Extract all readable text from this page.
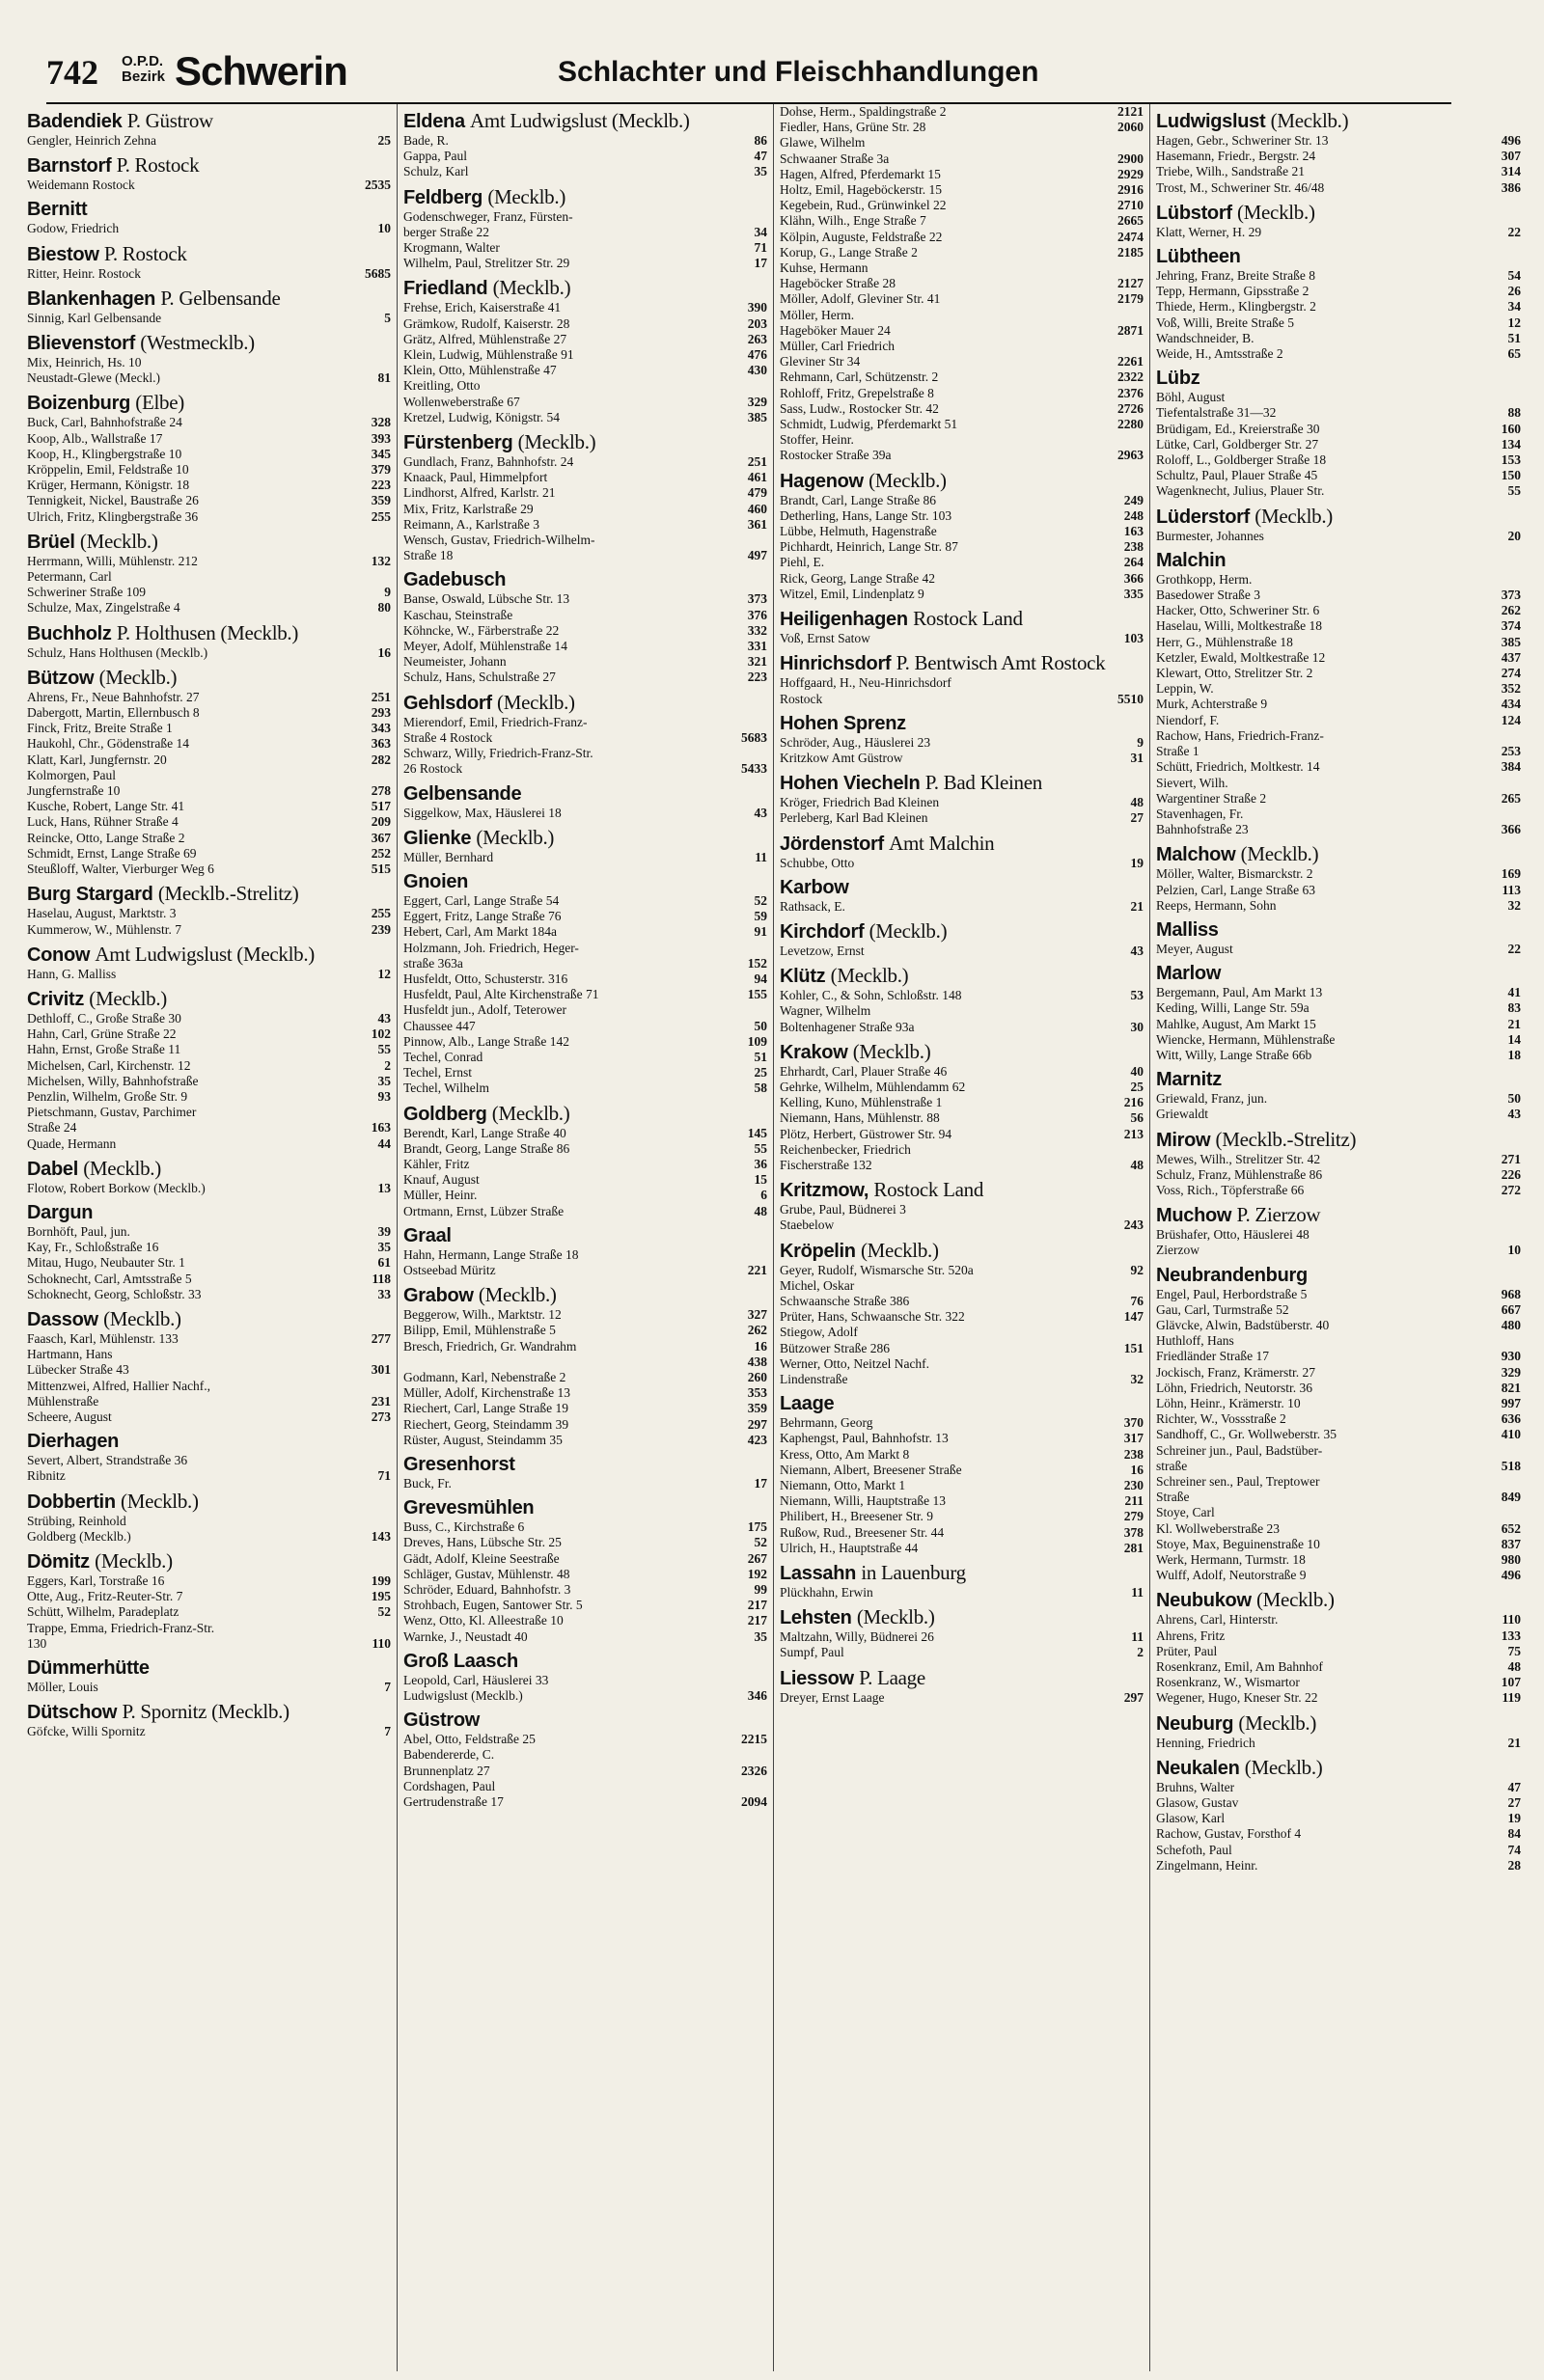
742 O.P.D.
Bezirk Schwerin	Schlachter und Fleischhandlungen
Badendiek P. Güstrow
Gengler, Heinrich Zehna	25
Barnstorf P. Rostock
Weidemann Rostock	2535
Bernitt
Godow, Friedrich	10
Biestow P. Rostock
Ritter, Heinr. Rostock	5685
Blankenhagen P. Gelbensande
Sinnig, Karl Gelbensande	5
Blievenstorf (Westmecklb.)
Mix, Heinrich, Hs. 10
Neustadt-Glewe (Meckl.)	81
Boizenburg (Elbe)
Buck, Carl, Bahnhofstraße 24	328
Koop, Alb., Wallstraße 17	393
Koop, H., Klingbergstraße 10	345
Kröppelin, Emil, Feldstraße 10	379
Krüger, Hermann, Königstr. 18	223
Tennigkeit, Nickel, Baustraße 26	359
Ulrich, Fritz, Klingbergstraße 36	255
Brüel (Mecklb.)
Herrmann, Willi, Mühlenstr. 212	132
Petermann, Carl
Schweriner Straße 109	9
Schulze, Max, Zingelstraße 4	80
Buchholz P. Holthusen (Mecklb.)
Schulz, Hans Holthusen (Mecklb.)	16
Bützow (Mecklb.)
Ahrens, Fr., Neue Bahnhofstr. 27	251
Dabergott, Martin, Ellernbusch 8	293
Finck, Fritz, Breite Straße 1	343
Haukohl, Chr., Gödenstraße 14	363
Klatt, Karl, Jungfernstr. 20	282
Kolmorgen, Paul
Jungfernstraße 10	278
Kusche, Robert, Lange Str. 41	517
Luck, Hans, Rühner Straße 4	209
Reincke, Otto, Lange Straße 2	367
Schmidt, Ernst, Lange Straße 69	252
Steußloff, Walter, Vierburger Weg 6	515
Burg Stargard (Mecklb.-Strelitz)
Haselau, August, Marktstr. 3	255
Kummerow, W., Mühlenstr. 7	239
Conow Amt Ludwigslust (Mecklb.)
Hann, G. Malliss	12
Crivitz (Mecklb.)
Dethloff, C., Große Straße 30	43
Hahn, Carl, Grüne Straße 22	102
Hahn, Ernst, Große Straße 11	55
Michelsen, Carl, Kirchenstr. 12	2
Michelsen, Willy, Bahnhofstraße	35
Penzlin, Wilhelm, Große Str. 9	93
Pietschmann, Gustav, Parchimer
Straße 24	163
Quade, Hermann	44
Dabel (Mecklb.)
Flotow, Robert Borkow (Mecklb.)	13
Dargun
Bornhöft, Paul, jun.	39
Kay, Fr., Schloßstraße 16	35
Mitau, Hugo, Neubauter Str. 1	61
Schoknecht, Carl, Amtsstraße 5	118
Schoknecht, Georg, Schloßstr. 33	33
Dassow (Mecklb.)
Faasch, Karl, Mühlenstr. 133	277
Hartmann, Hans
Lübecker Straße 43	301
Mittenzwei, Alfred, Hallier Nachf.,
Mühlenstraße	231
Scheere, August	273
Dierhagen
Severt, Albert, Strandstraße 36
Ribnitz	71
Dobbertin (Mecklb.)
Strübing, Reinhold
Goldberg (Mecklb.)	143
Dömitz (Mecklb.)
Eggers, Karl, Torstraße 16	199
Otte, Aug., Fritz-Reuter-Str. 7	195
Schütt, Wilhelm, Paradeplatz	52
Trappe, Emma, Friedrich-Franz-Str.
130	110
Dümmerhütte
Möller, Louis	7
Dütschow P. Spornitz (Mecklb.)
Göfcke, Willi Spornitz	7
Eldena Amt Ludwigslust (Mecklb.)
Bade, R.	86
Gappa, Paul	47
Schulz, Karl	35
Feldberg (Mecklb.)
Godenschweger, Franz, Fürsten-
berger Straße 22	34
Krogmann, Walter	71
Wilhelm, Paul, Strelitzer Str. 29	17
Friedland (Mecklb.)
Frehse, Erich, Kaiserstraße 41	390
Grämkow, Rudolf, Kaiserstr. 28	203
Grätz, Alfred, Mühlenstraße 27	263
Klein, Ludwig, Mühlenstraße 91	476
Klein, Otto, Mühlenstraße 47	430
Kreitling, Otto
Wollenweberstraße 67	329
Kretzel, Ludwig, Königstr. 54	385
Fürstenberg (Mecklb.)
Gundlach, Franz, Bahnhofstr. 24	251
Knaack, Paul, Himmelpfort	461
Lindhorst, Alfred, Karlstr. 21	479
Mix, Fritz, Karlstraße 29	460
Reimann, A., Karlstraße 3	361
Wensch, Gustav, Friedrich-Wilhelm-
Straße 18	497
Gadebusch
Banse, Oswald, Lübsche Str. 13	373
Kaschau, Steinstraße	376
Köhncke, W., Färberstraße 22	332
Meyer, Adolf, Mühlenstraße 14	331
Neumeister, Johann	321
Schulz, Hans, Schulstraße 27	223
Gehlsdorf (Mecklb.)
Mierendorf, Emil, Friedrich-Franz-
Straße 4 Rostock	5683
Schwarz, Willy, Friedrich-Franz-Str.
26 Rostock	5433
Gelbensande
Siggelkow, Max, Häuslerei 18	43
Glienke (Mecklb.)
Müller, Bernhard	11
Gnoien
Eggert, Carl, Lange Straße 54	52
Eggert, Fritz, Lange Straße 76	59
Hebert, Carl, Am Markt 184a	91
Holzmann, Joh. Friedrich, Heger-
straße 363a	152
Husfeldt, Otto, Schusterstr. 316	94
Husfeldt, Paul, Alte Kirchenstraße 71	155
Husfeldt jun., Adolf, Teterower
Chaussee 447	50
Pinnow, Alb., Lange Straße 142	109
Techel, Conrad	51
Techel, Ernst	25
Techel, Wilhelm	58
Goldberg (Mecklb.)
Berendt, Karl, Lange Straße 40	145
Brandt, Georg, Lange Straße 86	55
Kähler, Fritz	36
Knauf, August	15
Müller, Heinr.	6
Ortmann, Ernst, Lübzer Straße	48
Graal
Hahn, Hermann, Lange Straße 18
Ostseebad Müritz	221
Grabow (Mecklb.)
Beggerow, Wilh., Marktstr. 12	327
Bilipp, Emil, Mühlenstraße 5	262
Bresch, Friedrich, Gr. Wandrahm	16
438
Godmann, Karl, Nebenstraße 2	260
Müller, Adolf, Kirchenstraße 13	353
Riechert, Carl, Lange Straße 19	359
Riechert, Georg, Steindamm 39	297
Rüster, August, Steindamm 35	423
Gresenhorst
Buck, Fr.	17
Grevesmühlen
Buss, C., Kirchstraße 6	175
Dreves, Hans, Lübsche Str. 25	52
Gädt, Adolf, Kleine Seestraße	267
Schläger, Gustav, Mühlenstr. 48	192
Schröder, Eduard, Bahnhofstr. 3	99
Strohbach, Eugen, Santower Str. 5	217
Wenz, Otto, Kl. Alleestraße 10	217
Warnke, J., Neustadt 40	35
Groß Laasch
Leopold, Carl, Häuslerei 33
Ludwigslust (Mecklb.)	346
Güstrow
Abel, Otto, Feldstraße 25	2215
Babendererde, C.
Brunnenplatz 27	2326
Cordshagen, Paul
Gertrudenstraße 17	2094
Dohse, Herm., Spaldingstraße 2	2121
Fiedler, Hans, Grüne Str. 28	2060
Glawe, Wilhelm
Schwaaner Straße 3a	2900
Hagen, Alfred, Pferdemarkt 15	2929
Holtz, Emil, Hageböckerstr. 15	2916
Kegebein, Rud., Grünwinkel 22	2710
Klähn, Wilh., Enge Straße 7	2665
Kölpin, Auguste, Feldstraße 22	2474
Korup, G., Lange Straße 2	2185
Kuhse, Hermann
Hageböcker Straße 28	2127
Möller, Adolf, Gleviner Str. 41	2179
Möller, Herm.
Hageböker Mauer 24	2871
Müller, Carl Friedrich
Gleviner Str 34	2261
Rehmann, Carl, Schützenstr. 2	2322
Rohloff, Fritz, Grepelstraße 8	2376
Sass, Ludw., Rostocker Str. 42	2726
Schmidt, Ludwig, Pferdemarkt 51	2280
Stoffer, Heinr.
Rostocker Straße 39a	2963
Hagenow (Mecklb.)
Brandt, Carl, Lange Straße 86	249
Detherling, Hans, Lange Str. 103	248
Lübbe, Helmuth, Hagenstraße	163
Pichhardt, Heinrich, Lange Str. 87	238
Piehl, E.	264
Rick, Georg, Lange Straße 42	366
Witzel, Emil, Lindenplatz 9	335
Heiligenhagen Rostock Land
Voß, Ernst Satow	103
Hinrichsdorf P. Bentwisch Amt Rostock
Hoffgaard, H., Neu-Hinrichsdorf
Rostock	5510
Hohen Sprenz
Schröder, Aug., Häuslerei 23	9
Kritzkow Amt Güstrow	31
Hohen Viecheln P. Bad Kleinen
Kröger, Friedrich Bad Kleinen	48
Perleberg, Karl Bad Kleinen	27
Jördenstorf Amt Malchin
Schubbe, Otto	19
Karbow
Rathsack, E.	21
Kirchdorf (Mecklb.)
Levetzow, Ernst	43
Klütz (Mecklb.)
Kohler, C., & Sohn, Schloßstr. 148	53
Wagner, Wilhelm
Boltenhagener Straße 93a	30
Krakow (Mecklb.)
Ehrhardt, Carl, Plauer Straße 46	40
Gehrke, Wilhelm, Mühlendamm 62	25
Kelling, Kuno, Mühlenstraße 1	216
Niemann, Hans, Mühlenstr. 88	56
Plötz, Herbert, Güstrower Str. 94	213
Reichenbecker, Friedrich
Fischerstraße 132	48
Kritzmow, Rostock Land
Grube, Paul, Büdnerei 3
Staebelow	243
Kröpelin (Mecklb.)
Geyer, Rudolf, Wismarsche Str. 520a	92
Michel, Oskar
Schwaansche Straße 386	76
Prüter, Hans, Schwaansche Str. 322	147
Stiegow, Adolf
Bützower Straße 286	151
Werner, Otto, Neitzel Nachf.
Lindenstraße	32
Laage
Behrmann, Georg	370
Kaphengst, Paul, Bahnhofstr. 13	317
Kress, Otto, Am Markt 8	238
Niemann, Albert, Breesener Straße	16
Niemann, Otto, Markt 1	230
Niemann, Willi, Hauptstraße 13	211
Philibert, H., Breesener Str. 9	279
Rußow, Rud., Breesener Str. 44	378
Ulrich, H., Hauptstraße 44	281
Lassahn in Lauenburg
Plückhahn, Erwin	11
Lehsten (Mecklb.)
Maltzahn, Willy, Büdnerei 26	11
Sumpf, Paul	2
Liessow P. Laage
Dreyer, Ernst Laage	297
Ludwigslust (Mecklb.)
Hagen, Gebr., Schweriner Str. 13	496
Hasemann, Friedr., Bergstr. 24	307
Triebe, Wilh., Sandstraße 21	314
Trost, M., Schweriner Str. 46/48	386
Lübstorf (Mecklb.)
Klatt, Werner, H. 29	22
Lübtheen
Jehring, Franz, Breite Straße 8	54
Tepp, Hermann, Gipsstraße 2	26
Thiede, Herm., Klingbergstr. 2	34
Voß, Willi, Breite Straße 5	12
Wandschneider, B.	51
Weide, H., Amtsstraße 2	65
Lübz
Böhl, August
Tiefentalstraße 31—32	88
Brüdigam, Ed., Kreierstraße 30	160
Lütke, Carl, Goldberger Str. 27	134
Roloff, L., Goldberger Straße 18	153
Schultz, Paul, Plauer Straße 45	150
Wagenknecht, Julius, Plauer Str.	55
Lüderstorf (Mecklb.)
Burmester, Johannes	20
Malchin
Grothkopp, Herm.
Basedower Straße 3	373
Hacker, Otto, Schweriner Str. 6	262
Haselau, Willi, Moltkestraße 18	374
Herr, G., Mühlenstraße 18	385
Ketzler, Ewald, Moltkestraße 12	437
Klewart, Otto, Strelitzer Str. 2	274
Leppin, W.	352
Murk, Achterstraße 9	434
Niendorf, F.	124
Rachow, Hans, Friedrich-Franz-
Straße 1	253
Schütt, Friedrich, Moltkestr. 14	384
Sievert, Wilh.
Wargentiner Straße 2	265
Stavenhagen, Fr.
Bahnhofstraße 23	366
Malchow (Mecklb.)
Möller, Walter, Bismarckstr. 2	169
Pelzien, Carl, Lange Straße 63	113
Reeps, Hermann, Sohn	32
Malliss
Meyer, August	22
Marlow
Bergemann, Paul, Am Markt 13	41
Keding, Willi, Lange Str. 59a	83
Mahlke, August, Am Markt 15	21
Wiencke, Hermann, Mühlenstraße	14
Witt, Willy, Lange Straße 66b	18
Marnitz
Griewald, Franz, jun.	50
Griewaldt	43
Mirow (Mecklb.-Strelitz)
Mewes, Wilh., Strelitzer Str. 42	271
Schulz, Franz, Mühlenstraße 86	226
Voss, Rich., Töpferstraße 66	272
Muchow P. Zierzow
Brüshafer, Otto, Häuslerei 48
Zierzow	10
Neubrandenburg
Engel, Paul, Herbordstraße 5	968
Gau, Carl, Turmstraße 52	667
Glävcke, Alwin, Badstüberstr. 40	480
Huthloff, Hans
Friedländer Straße 17	930
Jockisch, Franz, Krämerstr. 27	329
Löhn, Friedrich, Neutorstr. 36	821
Löhn, Heinr., Krämerstr. 10	997
Richter, W., Vossstraße 2	636
Sandhoff, C., Gr. Wollweberstr. 35	410
Schreiner jun., Paul, Badstüber-
straße	518
Schreiner sen., Paul, Treptower
Straße	849
Stoye, Carl
Kl. Wollweberstraße 23	652
Stoye, Max, Beguinenstraße 10	837
Werk, Hermann, Turmstr. 18	980
Wulff, Adolf, Neutorstraße 9	496
Neubukow (Mecklb.)
Ahrens, Carl, Hinterstr.	110
Ahrens, Fritz	133
Prüter, Paul	75
Rosenkranz, Emil, Am Bahnhof	48
Rosenkranz, W., Wismartor	107
Wegener, Hugo, Kneser Str. 22	119
Neuburg (Mecklb.)
Henning, Friedrich	21
Neukalen (Mecklb.)
Bruhns, Walter	47
Glasow, Gustav	27
Glasow, Karl	19
Rachow, Gustav, Forsthof 4	84
Schefoth, Paul	74
Zingelmann, Heinr.	28
